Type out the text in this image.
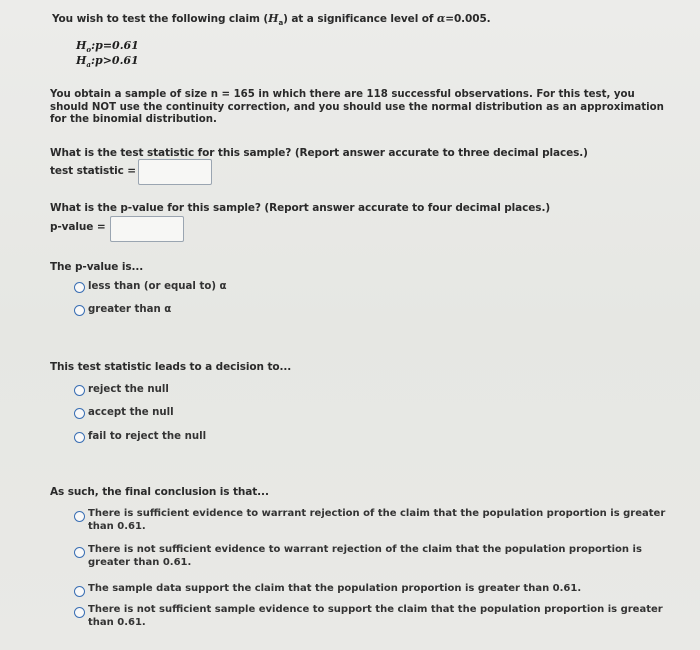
You wish to test the following claim $(H_a)$ at a significance level of α=0.005.
$H_o:p=0.61$
$H_a:p>0.61$
You obtain a sample of size n = 165 in which there are 118 successful observations. For this test, you should NOT use the continuity correction, and you should use the normal distribution as an approximation for the binomial distribution.
What is the test statistic for this sample? (Report answer accurate to three decimal places.)
test statistic =
What is the p-value for this sample? (Report answer accurate to four decimal places.)
p-value =
The p-value is...
less than (or equal to) α
greater than α
This test statistic leads to a decision to...
reject the null
accept the null
fail to reject the null
As such, the final conclusion is that...
There is sufficient evidence to warrant rejection of the claim that the population proportion is greater than 0.61.
There is not sufficient evidence to warrant rejection of the claim that the population proportion is greater than 0.61.
The sample data support the claim that the population proportion is greater than 0.61.
There is not sufficient sample evidence to support the claim that the population proportion is greater than 0.61.
